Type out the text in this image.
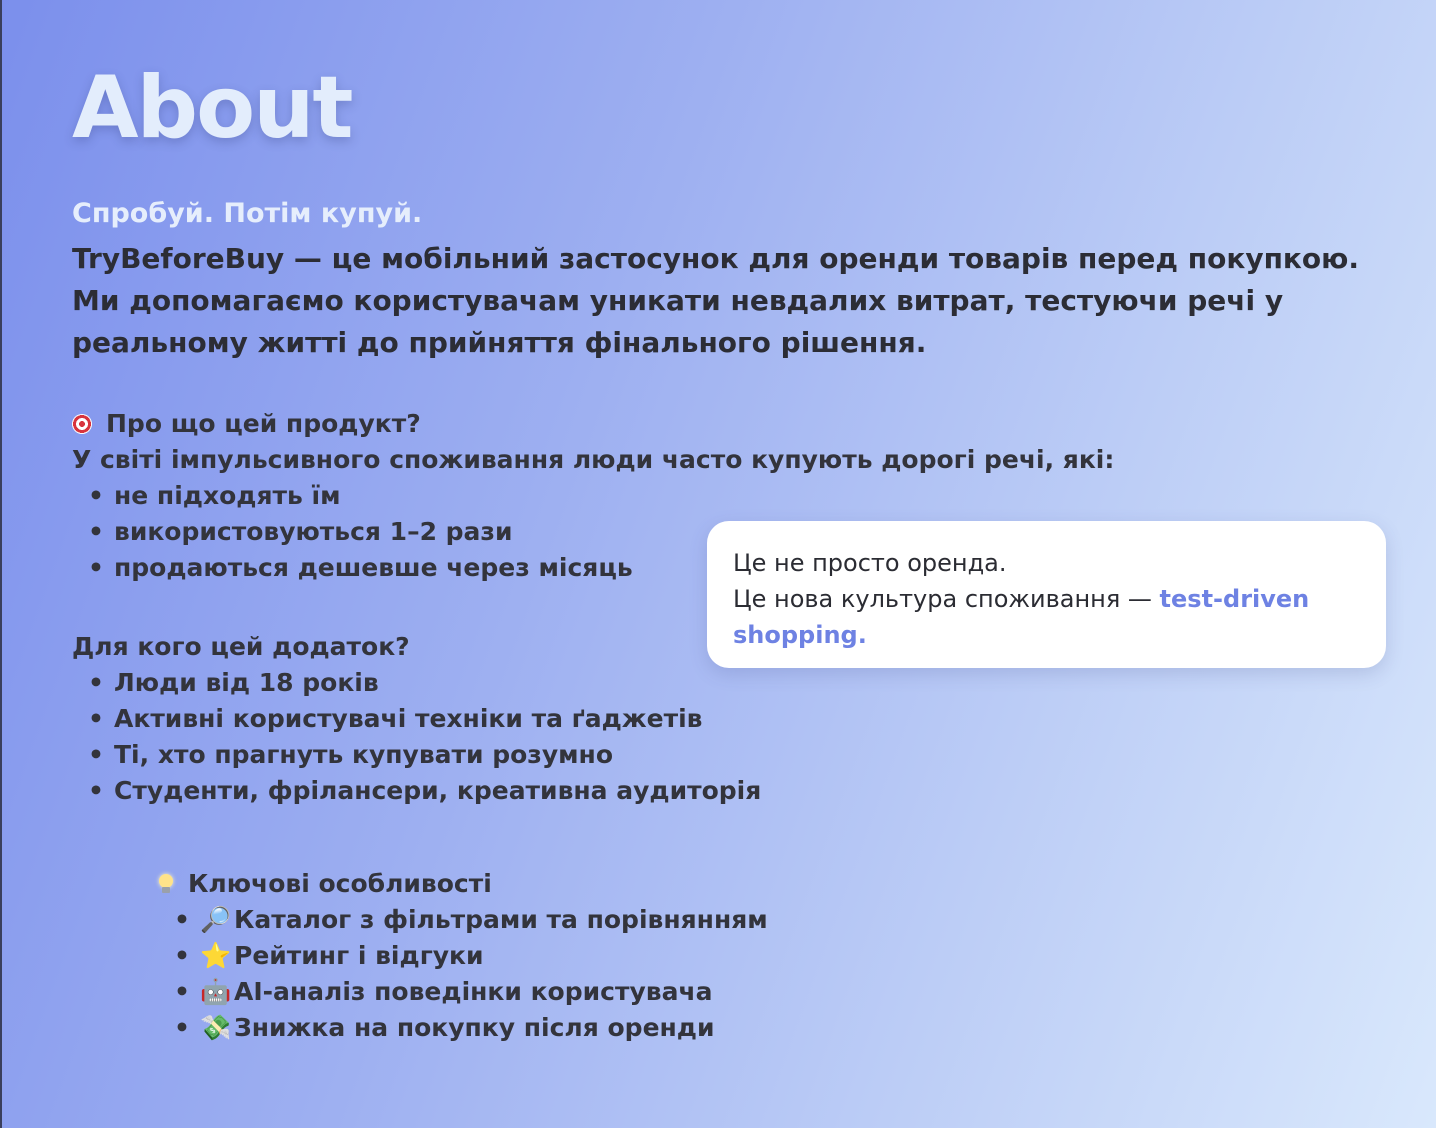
About
Спробуй. Потім купуй.
TryBeforeBuy — це мобільний застосунок для оренди товарів перед покупкою. Ми допомагаємо користувачам уникати невдалих витрат, тестуючи речі у реальному житті до прийняття фінального рішення.
Про що цей продукт?
У світі імпульсивного споживання люди часто купують дорогі речі, які:
• не підходять їм
• використовуються 1–2 рази
• продаються дешевше через місяць
Для кого цей додаток?
• Люди від 18 років
• Активні користувачі техніки та ґаджетів
• Ті, хто прагнуть купувати розумно
• Студенти, фрілансери, креативна аудиторія
Ключові особливості
• 🔎 Каталог з фільтрами та порівнянням
• ⭐ Рейтинг і відгуки
• 🤖 AI-аналіз поведінки користувача
• 💸 Знижка на покупку після оренди
Це не просто оренда.
Це нова культура споживання — test-driven shopping.
